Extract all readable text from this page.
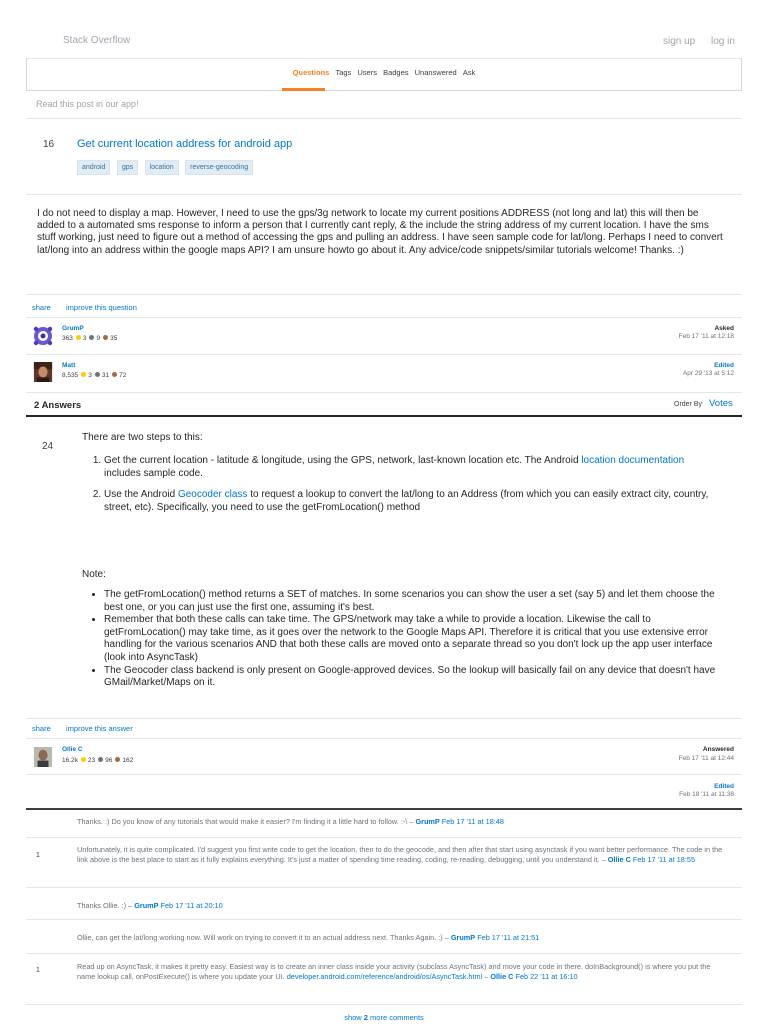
Stack Overflow	sign up log in
Questions Tags Users Badges Unanswered Ask
Read this post in our app!
16 Get current location address for android app
android gps location reverse-geocoding
I do not need to display a map. However, I need to use the gps/3g network to locate my current positions ADDRESS (not long and lat) this will then be added to a automated sms response to inform a person that I currently cant reply, & the include the string address of my current location. I have the sms stuff working, just need to figure out a method of accessing the gps and pulling an address. I have seen sample code for lat/long. Perhaps I need to convert lat/long into an address within the google maps API? I am unsure howto go about it. Any advice/code snippets/similar tutorials welcome! Thanks. :)
share improve this question
GrumP
363 3 9 35
Asked
Feb 17 '11 at 12:18
Matt
8,535 3 31 72
Edited
Apr 29 '13 at 5:12
2 Answers	Order By Votes
24
There are two steps to this:
1. Get the current location - latitude & longitude, using the GPS, network, last-known location etc. The Android location documentation includes sample code.
2. Use the Android Geocoder class to request a lookup to convert the lat/long to an Address (from which you can easily extract city, country, street, etc). Specifically, you need to use the getFromLocation() method
Note:
• The getFromLocation() method returns a SET of matches. In some scenarios you can show the user a set (say 5) and let them choose the best one, or you can just use the first one, assuming it's best.
• Remember that both these calls can take time. The GPS/network may take a while to provide a location. Likewise the call to getFromLocation() may take time, as it goes over the network to the Google Maps API. Therefore it is critical that you use extensive error handling for the various scenarios AND that both these calls are moved onto a separate thread so you don't lock up the app user interface (look into AsyncTask)
• The Geocoder class backend is only present on Google-approved devices. So the lookup will basically fail on any device that doesn't have GMail/Market/Maps on it.
share improve this answer
Ollie C
16.2k 23 96 162
Answered
Feb 17 '11 at 12:44
Edited
Feb 18 '11 at 11:38
Thanks. :) Do you know of any tutorials that would make it easier? I'm finding it a little hard to follow. :-\ – GrumP Feb 17 '11 at 18:48
1
Unfortunately, it is quite complicated. I'd suggest you first write code to get the location, then to do the geocode, and then after that start using asynctask if you want better performance. The code in the link above is the best place to start as it fully explains everything. It's just a matter of spending time reading, coding, re-reading, debugging, until you understand it. – Ollie C Feb 17 '11 at 18:55
Thanks Ollie. :) – GrumP Feb 17 '11 at 20:10
Ollie, can get the lat/long working now. Will work on trying to convert it to an actual address next. Thanks Again. :) – GrumP Feb 17 '11 at 21:51
1	Read up on AsyncTask, it makes it pretty easy. Easiest way is to create an inner class inside your activity (subclass AsyncTask) and move your code in there. doInBackground() is where you put the name lookup call, onPostExecute() is where you update your UI. developer.android.com/reference/android/os/AsyncTask.html – Ollie C Feb 22 '11 at 16:10
show 2 more comments
